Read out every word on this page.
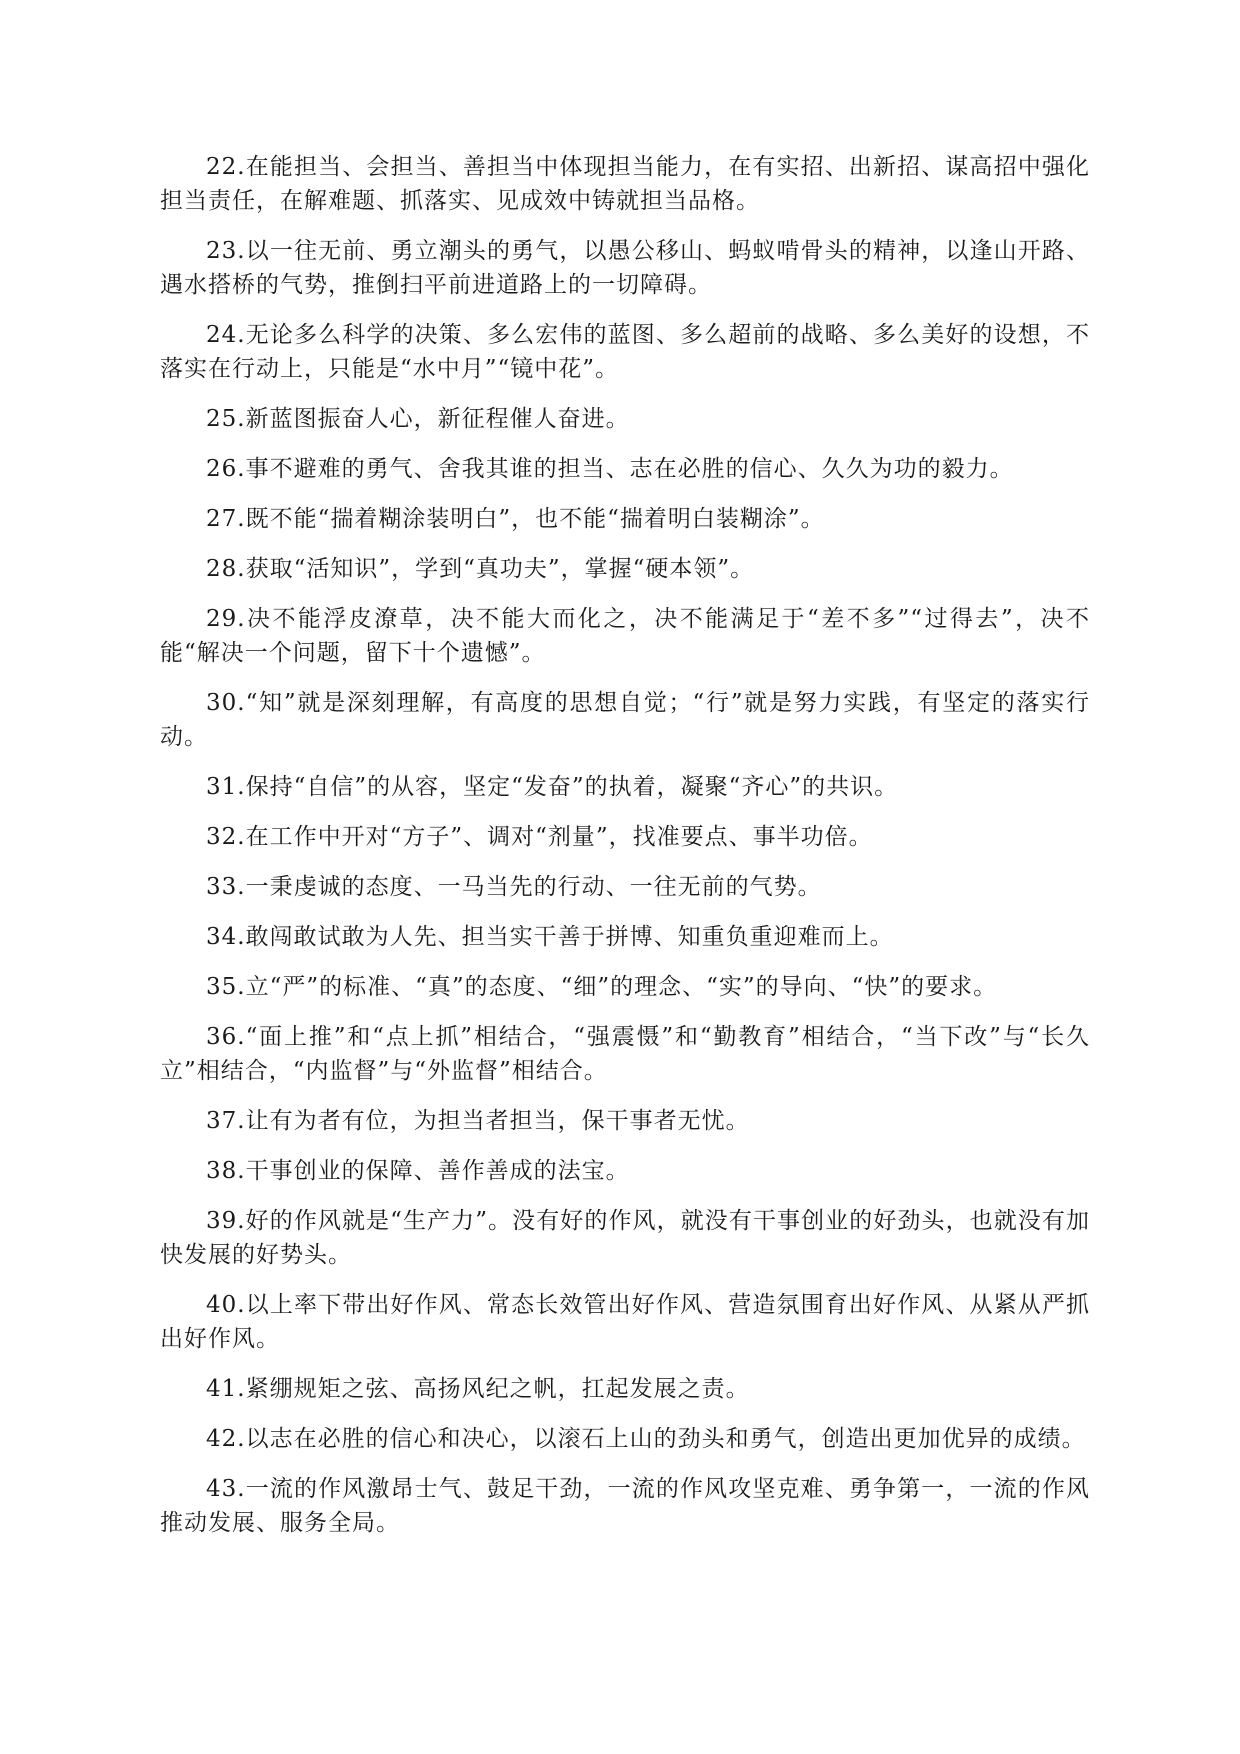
22.在能担当、会担当、善担当中体现担当能力，在有实招、出新招、谋高招中强化担当责任，在解难题、抓落实、见成效中铸就担当品格。

23.以一往无前、勇立潮头的勇气，以愚公移山、蚂蚁啃骨头的精神，以逢山开路、遇水搭桥的气势，推倒扫平前进道路上的一切障碍。

24.无论多么科学的决策、多么宏伟的蓝图、多么超前的战略、多么美好的设想，不落实在行动上，只能是“水中月”“镜中花”。

25.新蓝图振奋人心，新征程催人奋进。

26.事不避难的勇气、舍我其谁的担当、志在必胜的信心、久久为功的毅力。

27.既不能“揣着糊涂装明白”，也不能“揣着明白装糊涂”。

28.获取“活知识”，学到“真功夫”，掌握“硬本领”。

29.决不能浮皮潦草，决不能大而化之，决不能满足于“差不多”“过得去”，决不能“解决一个问题，留下十个遗憾”。

30.“知”就是深刻理解，有高度的思想自觉；“行”就是努力实践，有坚定的落实行动。

31.保持“自信”的从容，坚定“发奋”的执着，凝聚“齐心”的共识。

32.在工作中开对“方子”、调对“剂量”，找准要点、事半功倍。

33.一秉虔诚的态度、一马当先的行动、一往无前的气势。

34.敢闯敢试敢为人先、担当实干善于拼博、知重负重迎难而上。

35.立“严”的标准、“真”的态度、“细”的理念、“实”的导向、“快”的要求。

36.“面上推”和“点上抓”相结合，“强震慑”和“勤教育”相结合，“当下改”与“长久立”相结合，“内监督”与“外监督”相结合。

37.让有为者有位，为担当者担当，保干事者无忧。

38.干事创业的保障、善作善成的法宝。

39.好的作风就是“生产力”。没有好的作风，就没有干事创业的好劲头，也就没有加快发展的好势头。

40.以上率下带出好作风、常态长效管出好作风、营造氛围育出好作风、从紧从严抓出好作风。

41.紧绷规矩之弦、高扬风纪之帆，扛起发展之责。

42.以志在必胜的信心和决心，以滚石上山的劲头和勇气，创造出更加优异的成绩。

43.一流的作风激昂士气、鼓足干劲，一流的作风攻坚克难、勇争第一，一流的作风推动发展、服务全局。
